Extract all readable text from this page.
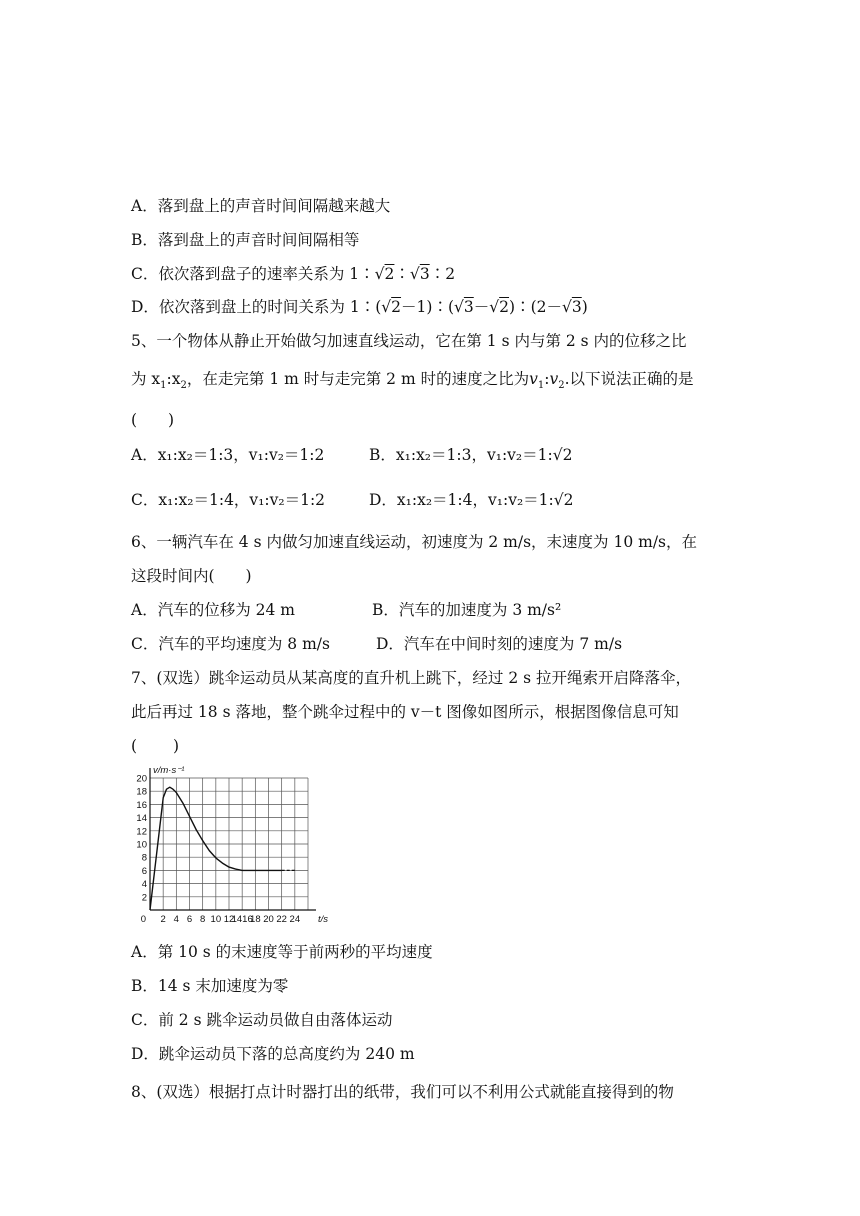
A．落到盘上的声音时间间隔越来越大
B．落到盘上的声音时间间隔相等
C．依次落到盘子的速率关系为 1∶√2∶√3∶2
D．依次落到盘上的时间关系为 1∶(√2－1)∶(√3－√2)∶(2－√3)
5、一个物体从静止开始做匀加速直线运动，它在第 1 s 内与第 2 s 内的位移之比
为 $x_1:x_2$，在走完第 1 m 时与走完第 2 m 时的速度之比为$v_1:v_2$.以下说法正确的是
(　　)
A．x₁:x₂＝1:3，v₁:v₂＝1:2	B．x₁:x₂＝1:3，v₁:v₂＝1:√2
C．x₁:x₂＝1:4，v₁:v₂＝1:2	D．x₁:x₂＝1:4，v₁:v₂＝1:√2
6、一辆汽车在 4 s 内做匀加速直线运动，初速度为 2 m/s，末速度为 10 m/s，在
这段时间内(　　)
A．汽车的位移为 24 m	B．汽车的加速度为 3 m/s²
C．汽车的平均速度为 8 m/s	D．汽车在中间时刻的速度为 7 m/s
7、(双选）跳伞运动员从某高度的直升机上跳下，经过 2 s 拉开绳索开启降落伞，
此后再过 18 s 落地，整个跳伞过程中的 v－t 图像如图所示，根据图像信息可知
(　　 )
2 4 6 8 10 12
1416
18 20 22 24
2
4
6
8
10
12
14
16
18
20
0
v/m·s⁻¹
t/s
A．第 10 s 的末速度等于前两秒的平均速度
B．14 s 末加速度为零
C．前 2 s 跳伞运动员做自由落体运动
D．跳伞运动员下落的总高度约为 240 m
8、(双选）根据打点计时器打出的纸带，我们可以不利用公式就能直接得到的物
